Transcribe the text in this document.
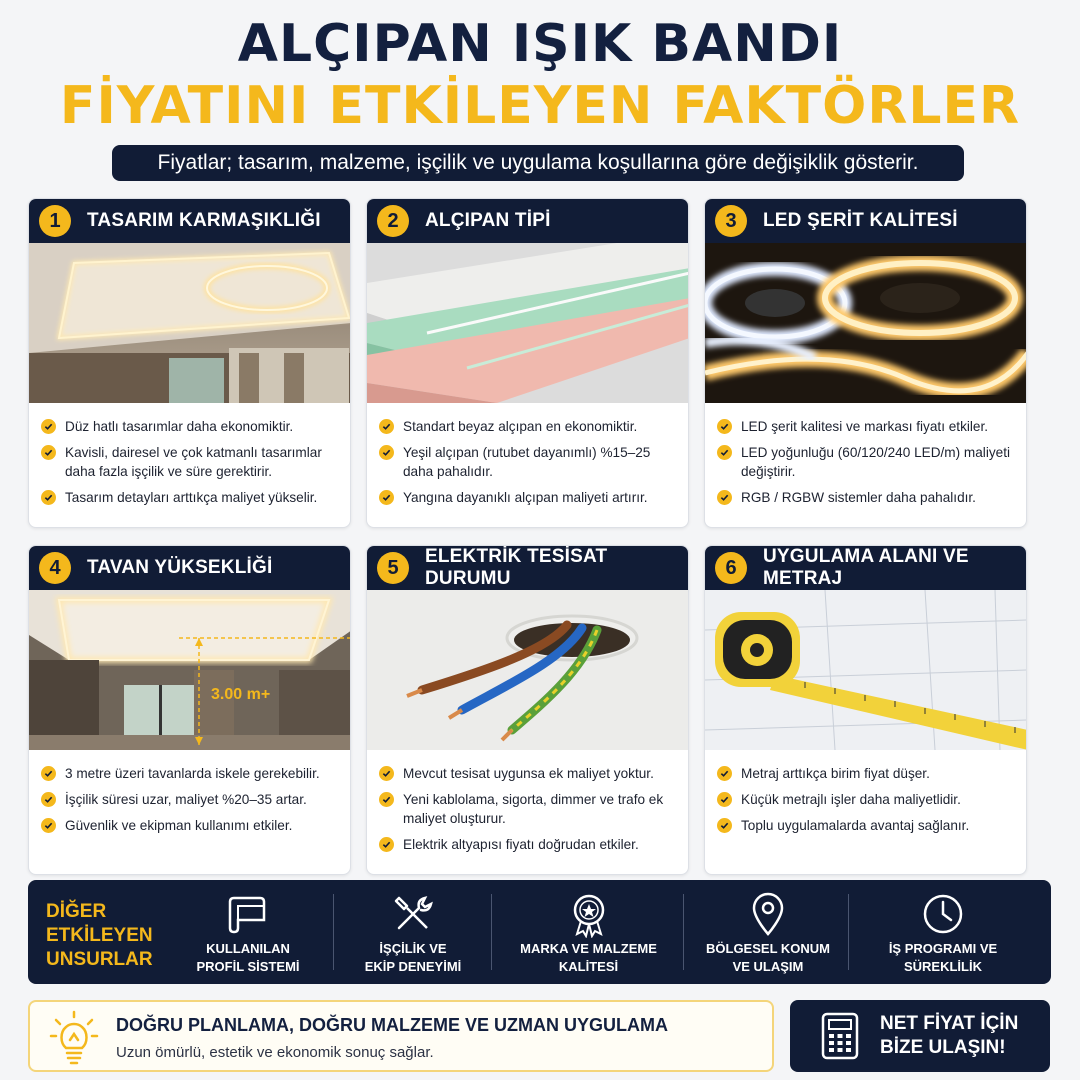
ALÇIPAN IŞIK BANDI
FİYATINI ETKİLEYEN FAKTÖRLER
Fiyatlar; tasarım, malzeme, işçilik ve uygulama koşullarına göre değişiklik gösterir.
1	TASARIM KARMAŞIKLIĞI
Düz hatlı tasarımlar daha ekonomiktir.
Kavisli, dairesel ve çok katmanlı tasarımlar daha fazla işçilik ve süre gerektirir.
Tasarım detayları arttıkça maliyet yükselir.
2	ALÇIPAN TİPİ
Standart beyaz alçıpan en ekonomiktir.
Yeşil alçıpan (rutubet dayanımlı) %15–25 daha pahalıdır.
Yangına dayanıklı alçıpan maliyeti artırır.
3	LED ŞERİT KALİTESİ
LED şerit kalitesi ve markası fiyatı etkiler.
LED yoğunluğu (60/120/240 LED/m) maliyeti değiştirir.
RGB / RGBW sistemler daha pahalıdır.
4	TAVAN YÜKSEKLİĞİ
3.00 m+
3 metre üzeri tavanlarda iskele gerekebilir.
İşçilik süresi uzar, maliyet %20–35 artar.
Güvenlik ve ekipman kullanımı etkiler.
5	ELEKTRİK TESİSAT DURUMU
Mevcut tesisat uygunsa ek maliyet yoktur.
Yeni kablolama, sigorta, dimmer ve trafo ek maliyet oluşturur.
Elektrik altyapısı fiyatı doğrudan etkiler.
6	UYGULAMA ALANI VE METRAJ
Metraj arttıkça birim fiyat düşer.
Küçük metrajlı işler daha maliyetlidir.
Toplu uygulamalarda avantaj sağlanır.
DİĞER
ETKİLEYEN
UNSURLAR
KULLANILAN
PROFİL SİSTEMİ
İŞÇİLİK VE
EKİP DENEYİMİ
MARKA VE MALZEME
KALİTESİ
BÖLGESEL KONUM
VE ULAŞIM
İŞ PROGRAMI VE
SÜREKLİLİK
DOĞRU PLANLAMA, DOĞRU MALZEME VE UZMAN UYGULAMA
Uzun ömürlü, estetik ve ekonomik sonuç sağlar.
NET FİYAT İÇİN
BİZE ULAŞIN!
